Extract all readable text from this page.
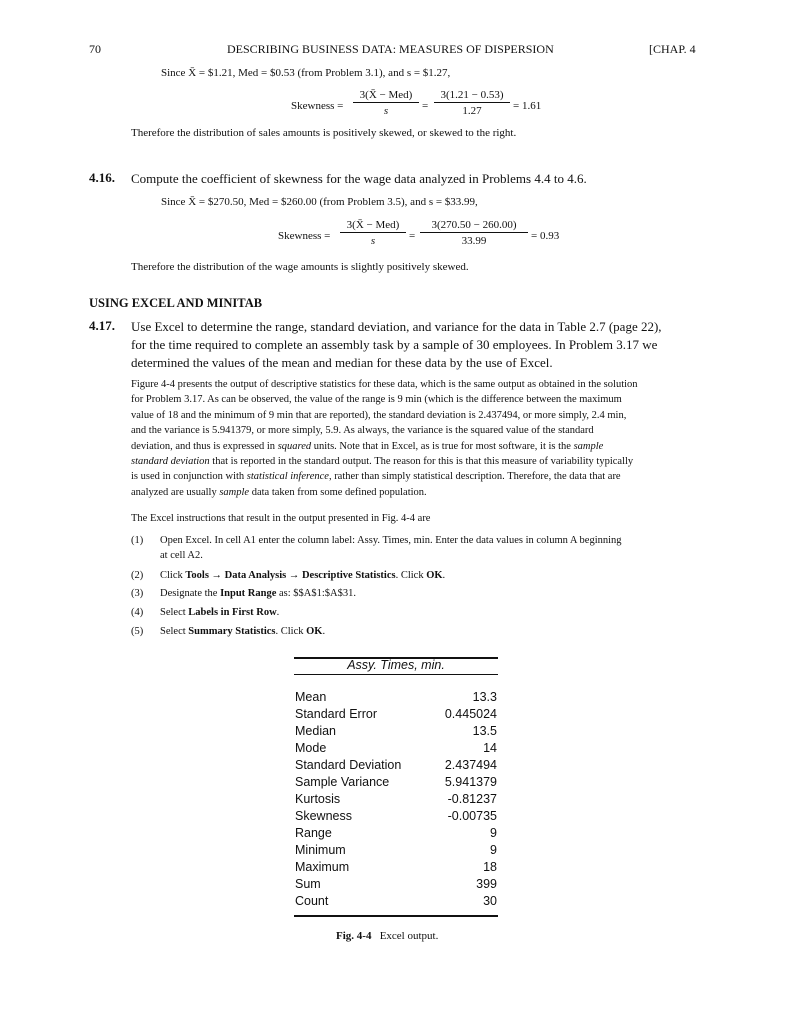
70	DESCRIBING BUSINESS DATA: MEASURES OF DISPERSION	[CHAP. 4
Since X̄ = $1.21, Med = $0.53 (from Problem 3.1), and s = $1.27,
Skewness =
3(X̄ − Med)
s	= $\frac{3(1.21 - 0.53)}{1.27} = 1.61$
Therefore the distribution of sales amounts is positively skewed, or skewed to the right.
4.16. Compute the coefficient of skewness for the wage data analyzed in Problems 4.4 to 4.6.
Since X̄ = $270.50, Med = $260.00 (from Problem 3.5), and s = $33.99,
Skewness =
3(X̄ − Med)
s	= $\frac{3(270.50 - 260.00)}{33.99} = 0.93$
Therefore the distribution of the wage amounts is slightly positively skewed.
USING EXCEL AND MINITAB
4.17. Use Excel to determine the range, standard deviation, and variance for the data in Table 2.7 (page 22),
for the time required to complete an assembly task by a sample of 30 employees. In Problem 3.17 we
determined the values of the mean and median for these data by the use of Excel.
Figure 4-4 presents the output of descriptive statistics for these data, which is the same output as obtained in the solution
for Problem 3.17. As can be observed, the value of the range is 9 min (which is the difference between the maximum
value of 18 and the minimum of 9 min that are reported), the standard deviation is 2.437494, or more simply, 2.4 min,
and the variance is 5.941379, or more simply, 5.9. As always, the variance is the squared value of the standard
deviation, and thus is expressed in squared units. Note that in Excel, as is true for most software, it is the sample
standard deviation that is reported in the standard output. The reason for this is that this measure of variability typically
is used in conjunction with statistical inference, rather than simply statistical description. Therefore, the data that are
analyzed are usually sample data taken from some defined population.
The Excel instructions that result in the output presented in Fig. 4-4 are
(1) Open Excel. In cell A1 enter the column label: Assy. Times, min. Enter the data values in column A beginning
at cell A2.
(2) Click Tools → Data Analysis → Descriptive Statistics. Click OK.
(3) Designate the Input Range as: $$A$1:$A$31.
(4) Select Labels in First Row.
(5) Select Summary Statistics. Click OK.
Assy. Times, min.	

Mean	13.3
Standard Error	0.445024
Median	13.5
Mode	14
Standard Deviation	2.437494
Sample Variance	5.941379
Kurtosis	-0.81237
Skewness	-0.00735
Range	9
Minimum	9
Maximum	18
Sum	399
Count	30
Fig. 4-4 Excel output.
